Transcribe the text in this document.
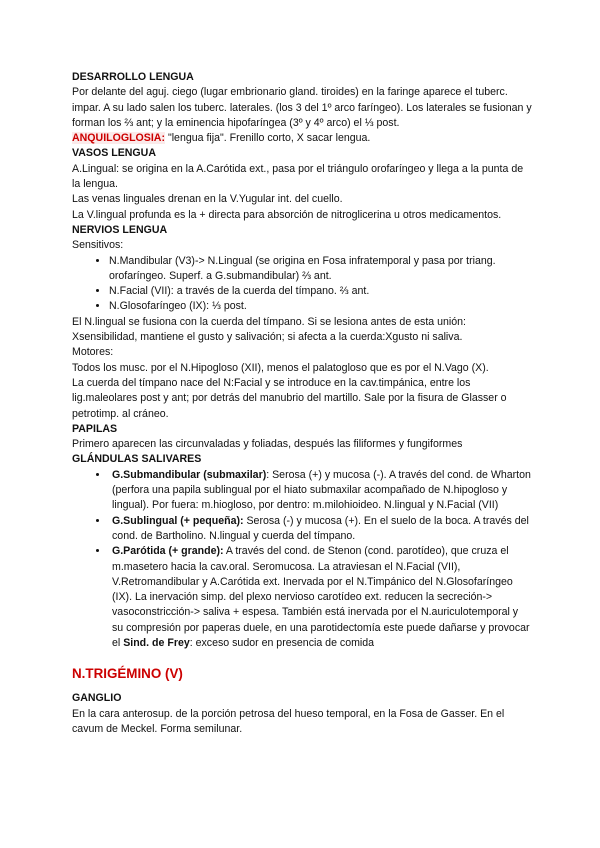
DESARROLLO LENGUA

Por delante del aguj. ciego (lugar embrionario gland. tiroides) en la faringe aparece el tuberc. impar. A su lado salen los tuberc. laterales. (los 3 del 1º arco faríngeo). Los laterales se fusionan y forman los ⅔ ant; y la eminencia hipofaríngea (3º y 4º arco) el ⅓ post.

ANQUILOGLOSIA: "lengua fija". Frenillo corto, X sacar lengua.

VASOS LENGUA

A.Lingual: se origina en la A.Carótida ext., pasa por el triángulo orofaríngeo y llega a la punta de la lengua.

Las venas linguales drenan en la V.Yugular int. del cuello.

La V.lingual profunda es la + directa para absorción de nitroglicerina u otros medicamentos.

NERVIOS LENGUA

Sensitivos:

• N.Mandibular (V3)-> N.Lingual (se origina en Fosa infratemporal y pasa por triang. orofaríngeo. Superf. a G.submandibular) ⅔ ant.
• N.Facial (VII): a través de la cuerda del tímpano. ⅔ ant.
• N.Glosofaríngeo (IX): ⅓ post.

El N.lingual se fusiona con la cuerda del tímpano. Si se lesiona antes de esta unión: Xsensibilidad, mantiene el gusto y salivación; si afecta a la cuerda:Xgusto ni saliva.

Motores:

Todos los musc. por el N.Hipogloso (XII), menos el palatogloso que es por el N.Vago (X).

La cuerda del tímpano nace del N:Facial y se introduce en la cav.timpánica, entre los lig.maleolares post y ant; por detrás del manubrio del martillo. Sale por la fisura de Glasser o petrotimp. al cráneo.

PAPILAS

Primero aparecen las circunvaladas y foliadas, después las filiformes y fungiformes

GLÁNDULAS SALIVARES

• G.Submandibular (submaxilar): Serosa (+) y mucosa (-). A través del cond. de Wharton (perfora una papila sublingual por el hiato submaxilar acompañado de N.hipogloso y lingual). Por fuera: m.hiogloso, por dentro: m.milohioideo. N.lingual y N.Facial (VII)
• G.Sublingual (+ pequeña): Serosa (-) y mucosa (+). En el suelo de la boca. A través del cond. de Bartholino. N.lingual y cuerda del tímpano.
• G.Parótida (+ grande): A través del cond. de Stenon (cond. parotídeo), que cruza el m.masetero hacia la cav.oral. Seromucosa. La atraviesan el N.Facial (VII), V.Retromandibular y A.Carótida ext. Inervada por el N.Timpánico del N.Glosofaríngeo (IX). La inervación simp. del plexo nervioso carotídeo ext. reducen la secreción-> vasoconstricción-> saliva + espesa. También está inervada por el N.auriculotemporal y su compresión por paperas duele, en una parotidectomía este puede dañarse y provocar el Sind. de Frey: exceso sudor en presencia de comida

N.TRIGÉMINO (V)

GANGLIO

En la cara anterosup. de la porción petrosa del hueso temporal, en la Fosa de Gasser. En el cavum de Meckel. Forma semilunar.
